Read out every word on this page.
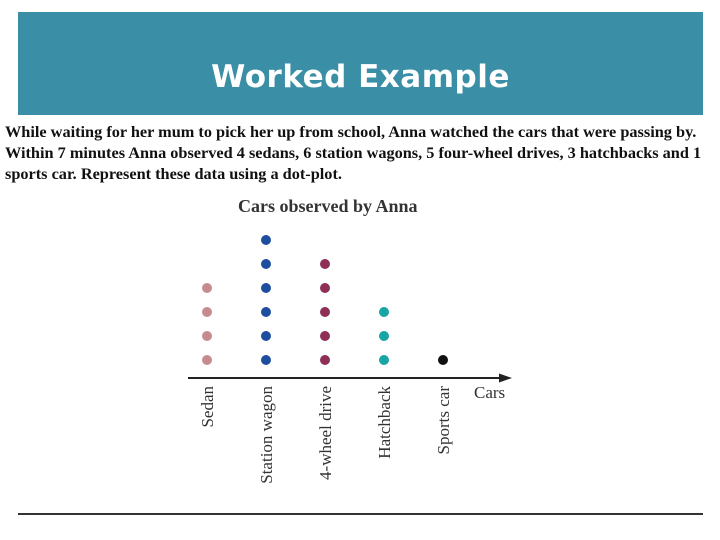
Worked Example
While waiting for her mum to pick her up from school, Anna watched the cars that were passing by. Within 7 minutes Anna observed 4 sedans, 6 station wagons, 5 four-wheel drives, 3 hatchbacks and 1 sports car. Represent these data using a dot-plot.
Cars observed by Anna
Cars
Sedan Station wagon 4-wheel drive Hatchback Sports car
